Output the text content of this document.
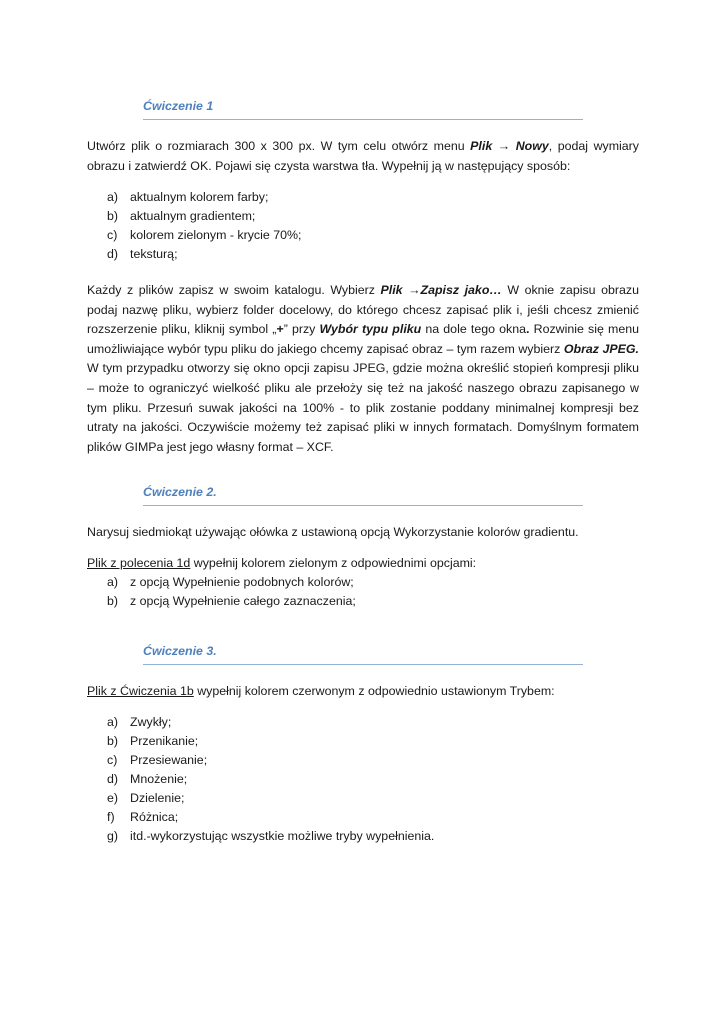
Ćwiczenie 1

Utwórz plik o rozmiarach 300 x 300 px. W tym celu otwórz menu Plik → Nowy, podaj wymiary obrazu i zatwierdź OK. Pojawi się czysta warstwa tła. Wypełnij ją w następujący sposób:

a) aktualnym kolorem farby;
b) aktualnym gradientem;
c)	kolorem zielonym - krycie 70%;
d) teksturą;

Każdy z plików zapisz w swoim katalogu. Wybierz Plik →Zapisz jako… W oknie zapisu obrazu podaj nazwę pliku, wybierz folder docelowy, do którego chcesz zapisać plik i, jeśli chcesz zmienić rozszerzenie pliku, kliknij symbol „+” przy Wybór typu pliku na dole tego okna. Rozwinie się menu umożliwiające wybór typu pliku do jakiego chcemy zapisać obraz – tym razem wybierz Obraz JPEG. W tym przypadku otworzy się okno opcji zapisu JPEG, gdzie można określić stopień kompresji pliku – może to ograniczyć wielkość pliku ale przełoży się też na jakość naszego obrazu zapisanego w tym pliku. Przesuń suwak jakości na 100% - to plik zostanie poddany minimalnej kompresji bez utraty na jakości. Oczywiście możemy też zapisać pliki w innych formatach. Domyślnym formatem plików GIMPa jest jego własny format – XCF.

Ćwiczenie 2.

Narysuj siedmiokąt używając ołówka z ustawioną opcją Wykorzystanie kolorów gradientu.

Plik z polecenia 1d wypełnij kolorem zielonym z odpowiednimi opcjami:

a) z opcją Wypełnienie podobnych kolorów;
b) z opcją Wypełnienie całego zaznaczenia;
Ćwiczenie 3.

Plik z Ćwiczenia 1b wypełnij kolorem czerwonym z odpowiednio ustawionym Trybem:

a) Zwykły;
b) Przenikanie;
c)	Przesiewanie;
d) Mnożenie;
e) Dzielenie;
f)	Różnica;
g) itd.-wykorzystując wszystkie możliwe tryby wypełnienia.
